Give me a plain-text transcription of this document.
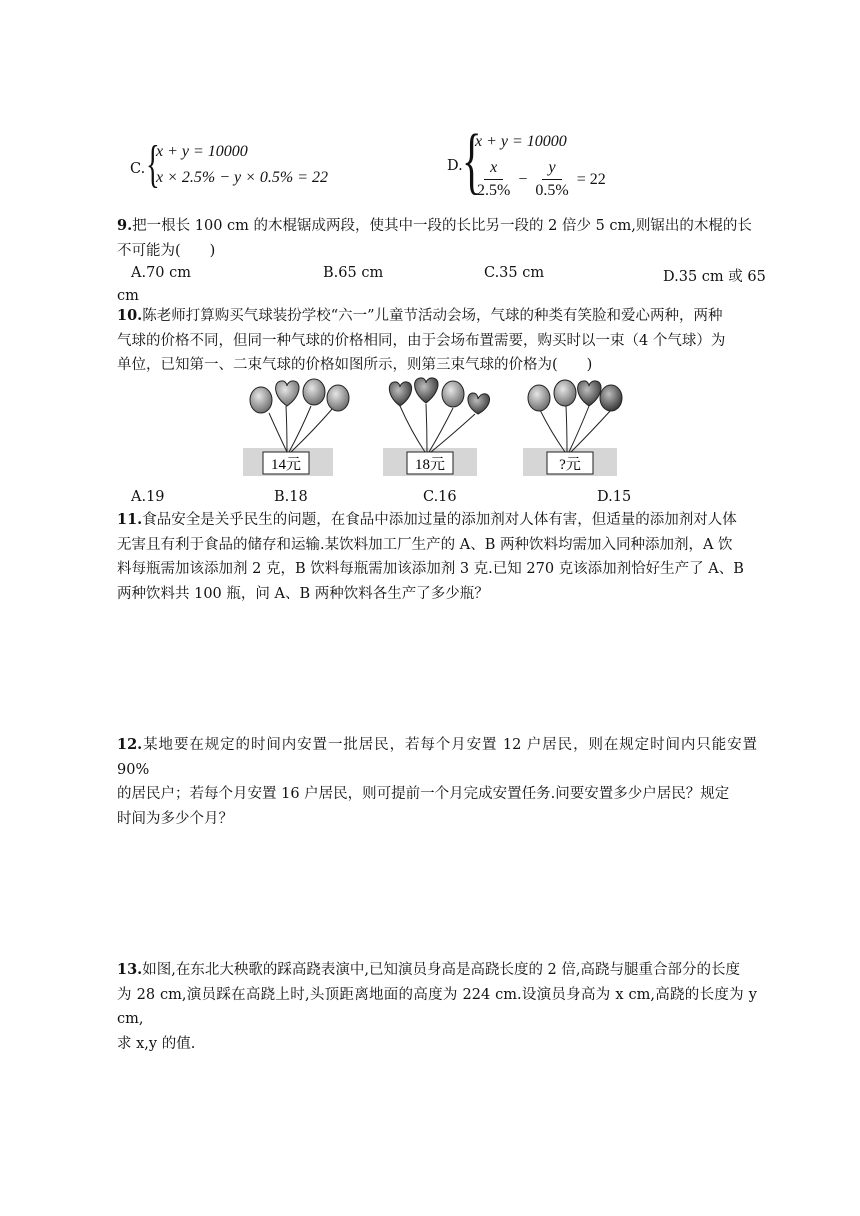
C. {
x + y = 10000
x × 2.5% − y × 0.5% = 22
D. {
x + y = 10000
$\frac{x}{2.5\%} - \frac{y}{0.5\%} = 22$
9.把一根长 100 cm 的木棍锯成两段，使其中一段的长比另一段的 2 倍少 5 cm,则锯出的木棍的长
不可能为(　　)
A.70 cm	B.65 cm	C.35 cm	D.35 cm 或 65
cm
10.陈老师打算购买气球装扮学校“六一”儿童节活动会场，气球的种类有笑脸和爱心两种，两种
气球的价格不同，但同一种气球的价格相同，由于会场布置需要，购买时以一束（4 个气球）为
单位，已知第一、二束气球的价格如图所示，则第三束气球的价格为(　　)
14元	18元	?元
A.19	B.18	C.16	D.15
11.食品安全是关乎民生的问题，在食品中添加过量的添加剂对人体有害，但适量的添加剂对人体
无害且有利于食品的储存和运输.某饮料加工厂生产的 A、B 两种饮料均需加入同种添加剂，A 饮
料每瓶需加该添加剂 2 克，B 饮料每瓶需加该添加剂 3 克.已知 270 克该添加剂恰好生产了 A、B
两种饮料共 100 瓶，问 A、B 两种饮料各生产了多少瓶？
12.某地要在规定的时间内安置一批居民，若每个月安置 12 户居民，则在规定时间内只能安置 90%
的居民户；若每个月安置 16 户居民，则可提前一个月完成安置任务.问要安置多少户居民？规定
时间为多少个月？
13.如图,在东北大秧歌的踩高跷表演中,已知演员身高是高跷长度的 2 倍,高跷与腿重合部分的长度
为 28 cm,演员踩在高跷上时,头顶距离地面的高度为 224 cm.设演员身高为 x cm,高跷的长度为 y cm,
求 x,y 的值.
